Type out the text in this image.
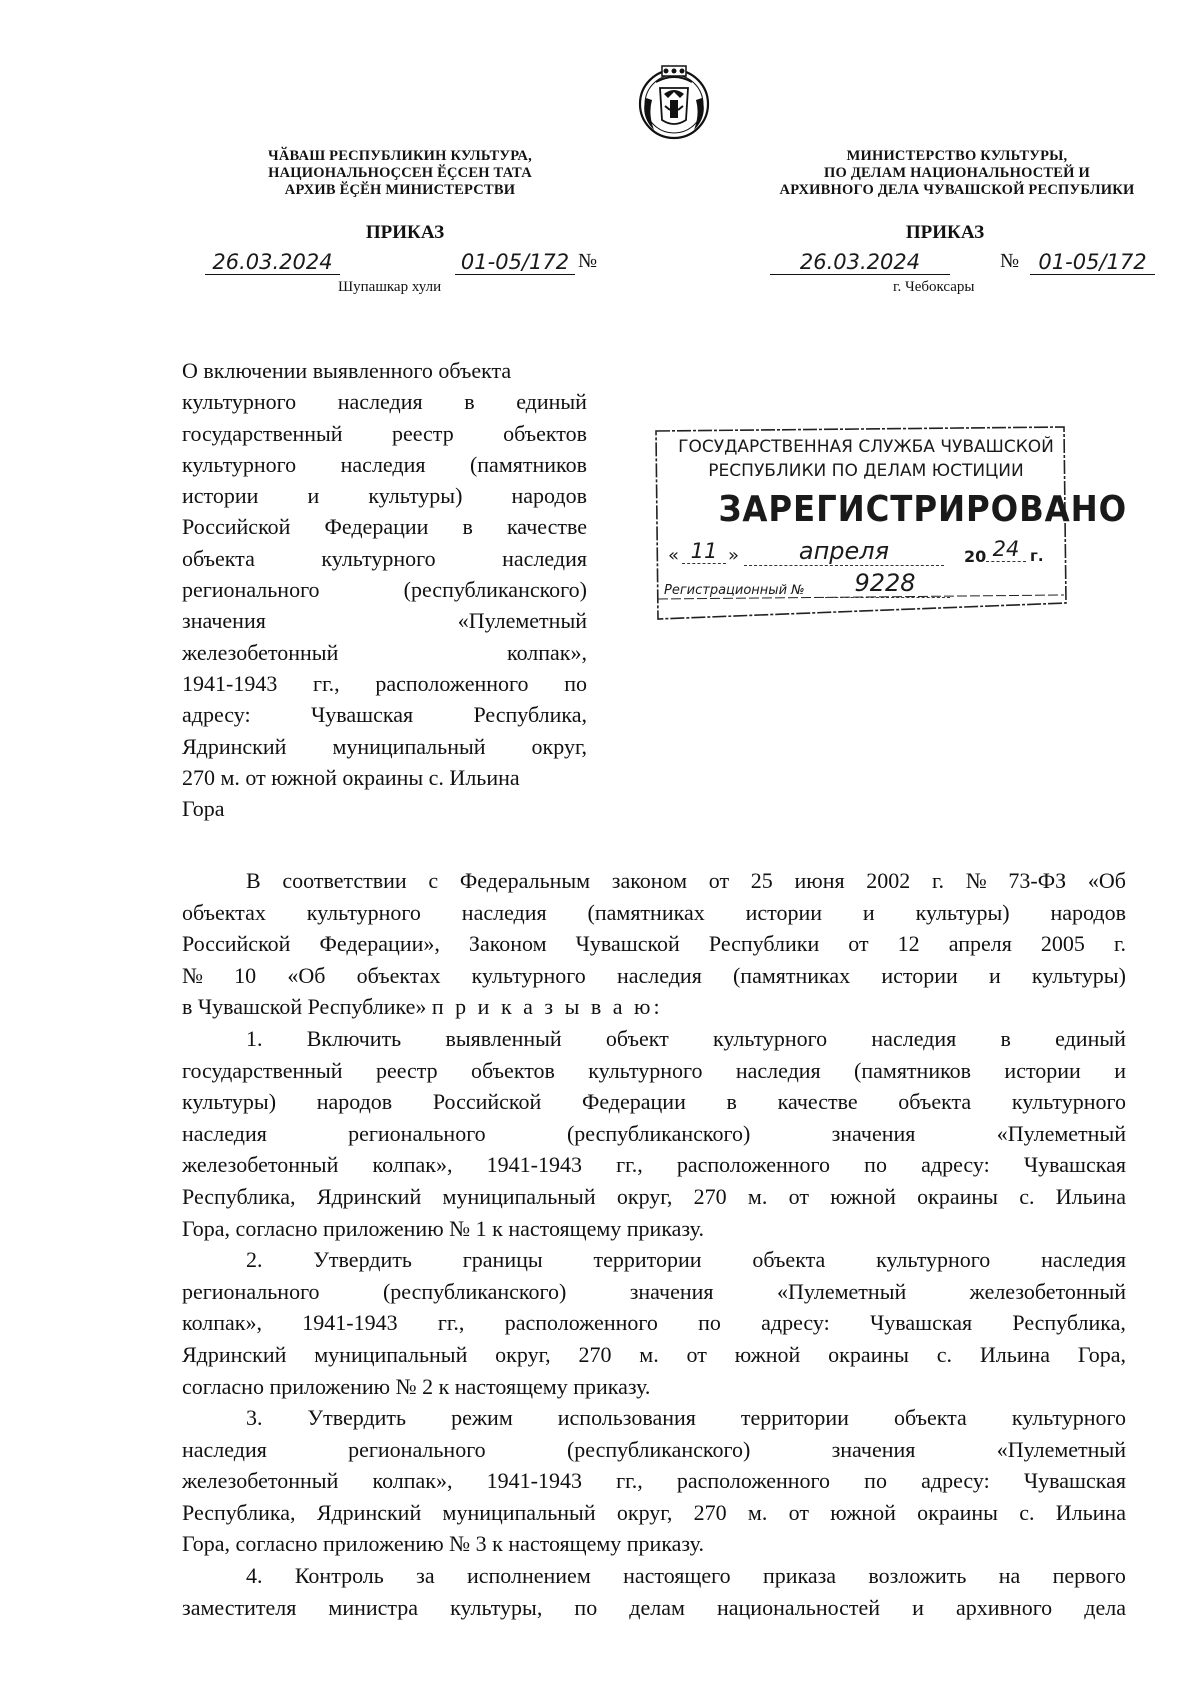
ЧӐВАШ РЕСПУБЛИКИН КУЛЬТУРА,
НАЦИОНАЛЬНОҪСЕН ӖҪСЕН ТАТА
АРХИВ ӖҪӖН МИНИСТЕРСТВИ
МИНИСТЕРСТВО КУЛЬТУРЫ,
ПО ДЕЛАМ НАЦИОНАЛЬНОСТЕЙ И
АРХИВНОГО ДЕЛА ЧУВАШСКОЙ РЕСПУБЛИКИ
ПРИКАЗ	ПРИКАЗ
26.03.2024	01-05/172 №
Шупашкар хули
26.03.2024	№ 01-05/172
г. Чебоксары
О включении выявленного объекта
культурного наследия в единый
государственный реестр объектов
культурного наследия (памятников
истории и культуры) народов
Российской Федерации в качестве
объекта	культурного	наследия
регионального	(республиканского)
значения	«Пулеметный
железобетонный	колпак»,
1941-1943 гг., расположенного по
адресу:	Чувашская	Республика,
Ядринский муниципальный округ,
270 м. от южной окраины с. Ильина
Гора
ГОСУДАРСТВЕННАЯ СЛУЖБА ЧУВАШСКОЙ
РЕСПУБЛИКИ ПО ДЕЛАМ ЮСТИЦИИ
ЗАРЕГИСТРИРОВАНО
« 11 »	апреля	20 24 г.
Регистрационный №	9228
В соответствии с Федеральным законом от 25 июня 2002 г. № 73-ФЗ «Об
объектах культурного наследия (памятниках истории и культуры) народов
Российской Федерации», Законом Чувашской Республики от 12 апреля 2005 г.
№ 10 «Об объектах культурного наследия (памятниках истории и культуры)
в Чувашской Республике» п р и к а з ы в а ю:
1. Включить выявленный объект культурного наследия в единый
государственный реестр объектов культурного наследия (памятников истории и
культуры) народов Российской Федерации в качестве объекта культурного
наследия	регионального	(республиканского)	значения	«Пулеметный
железобетонный колпак», 1941-1943 гг., расположенного по адресу: Чувашская
Республика, Ядринский муниципальный округ, 270 м. от южной окраины с. Ильина
Гора, согласно приложению № 1 к настоящему приказу.
2. Утвердить границы территории объекта культурного наследия
регионального	(республиканского)	значения	«Пулеметный	железобетонный
колпак», 1941-1943 гг., расположенного по адресу: Чувашская Республика,
Ядринский муниципальный округ, 270 м. от южной окраины с. Ильина Гора,
согласно приложению № 2 к настоящему приказу.
3. Утвердить режим использования территории объекта культурного
наследия	регионального	(республиканского)	значения	«Пулеметный
железобетонный колпак», 1941-1943 гг., расположенного по адресу: Чувашская
Республика, Ядринский муниципальный округ, 270 м. от южной окраины с. Ильина
Гора, согласно приложению № 3 к настоящему приказу.
4. Контроль за исполнением настоящего приказа возложить на первого
заместителя министра культуры, по делам национальностей и архивного дела
